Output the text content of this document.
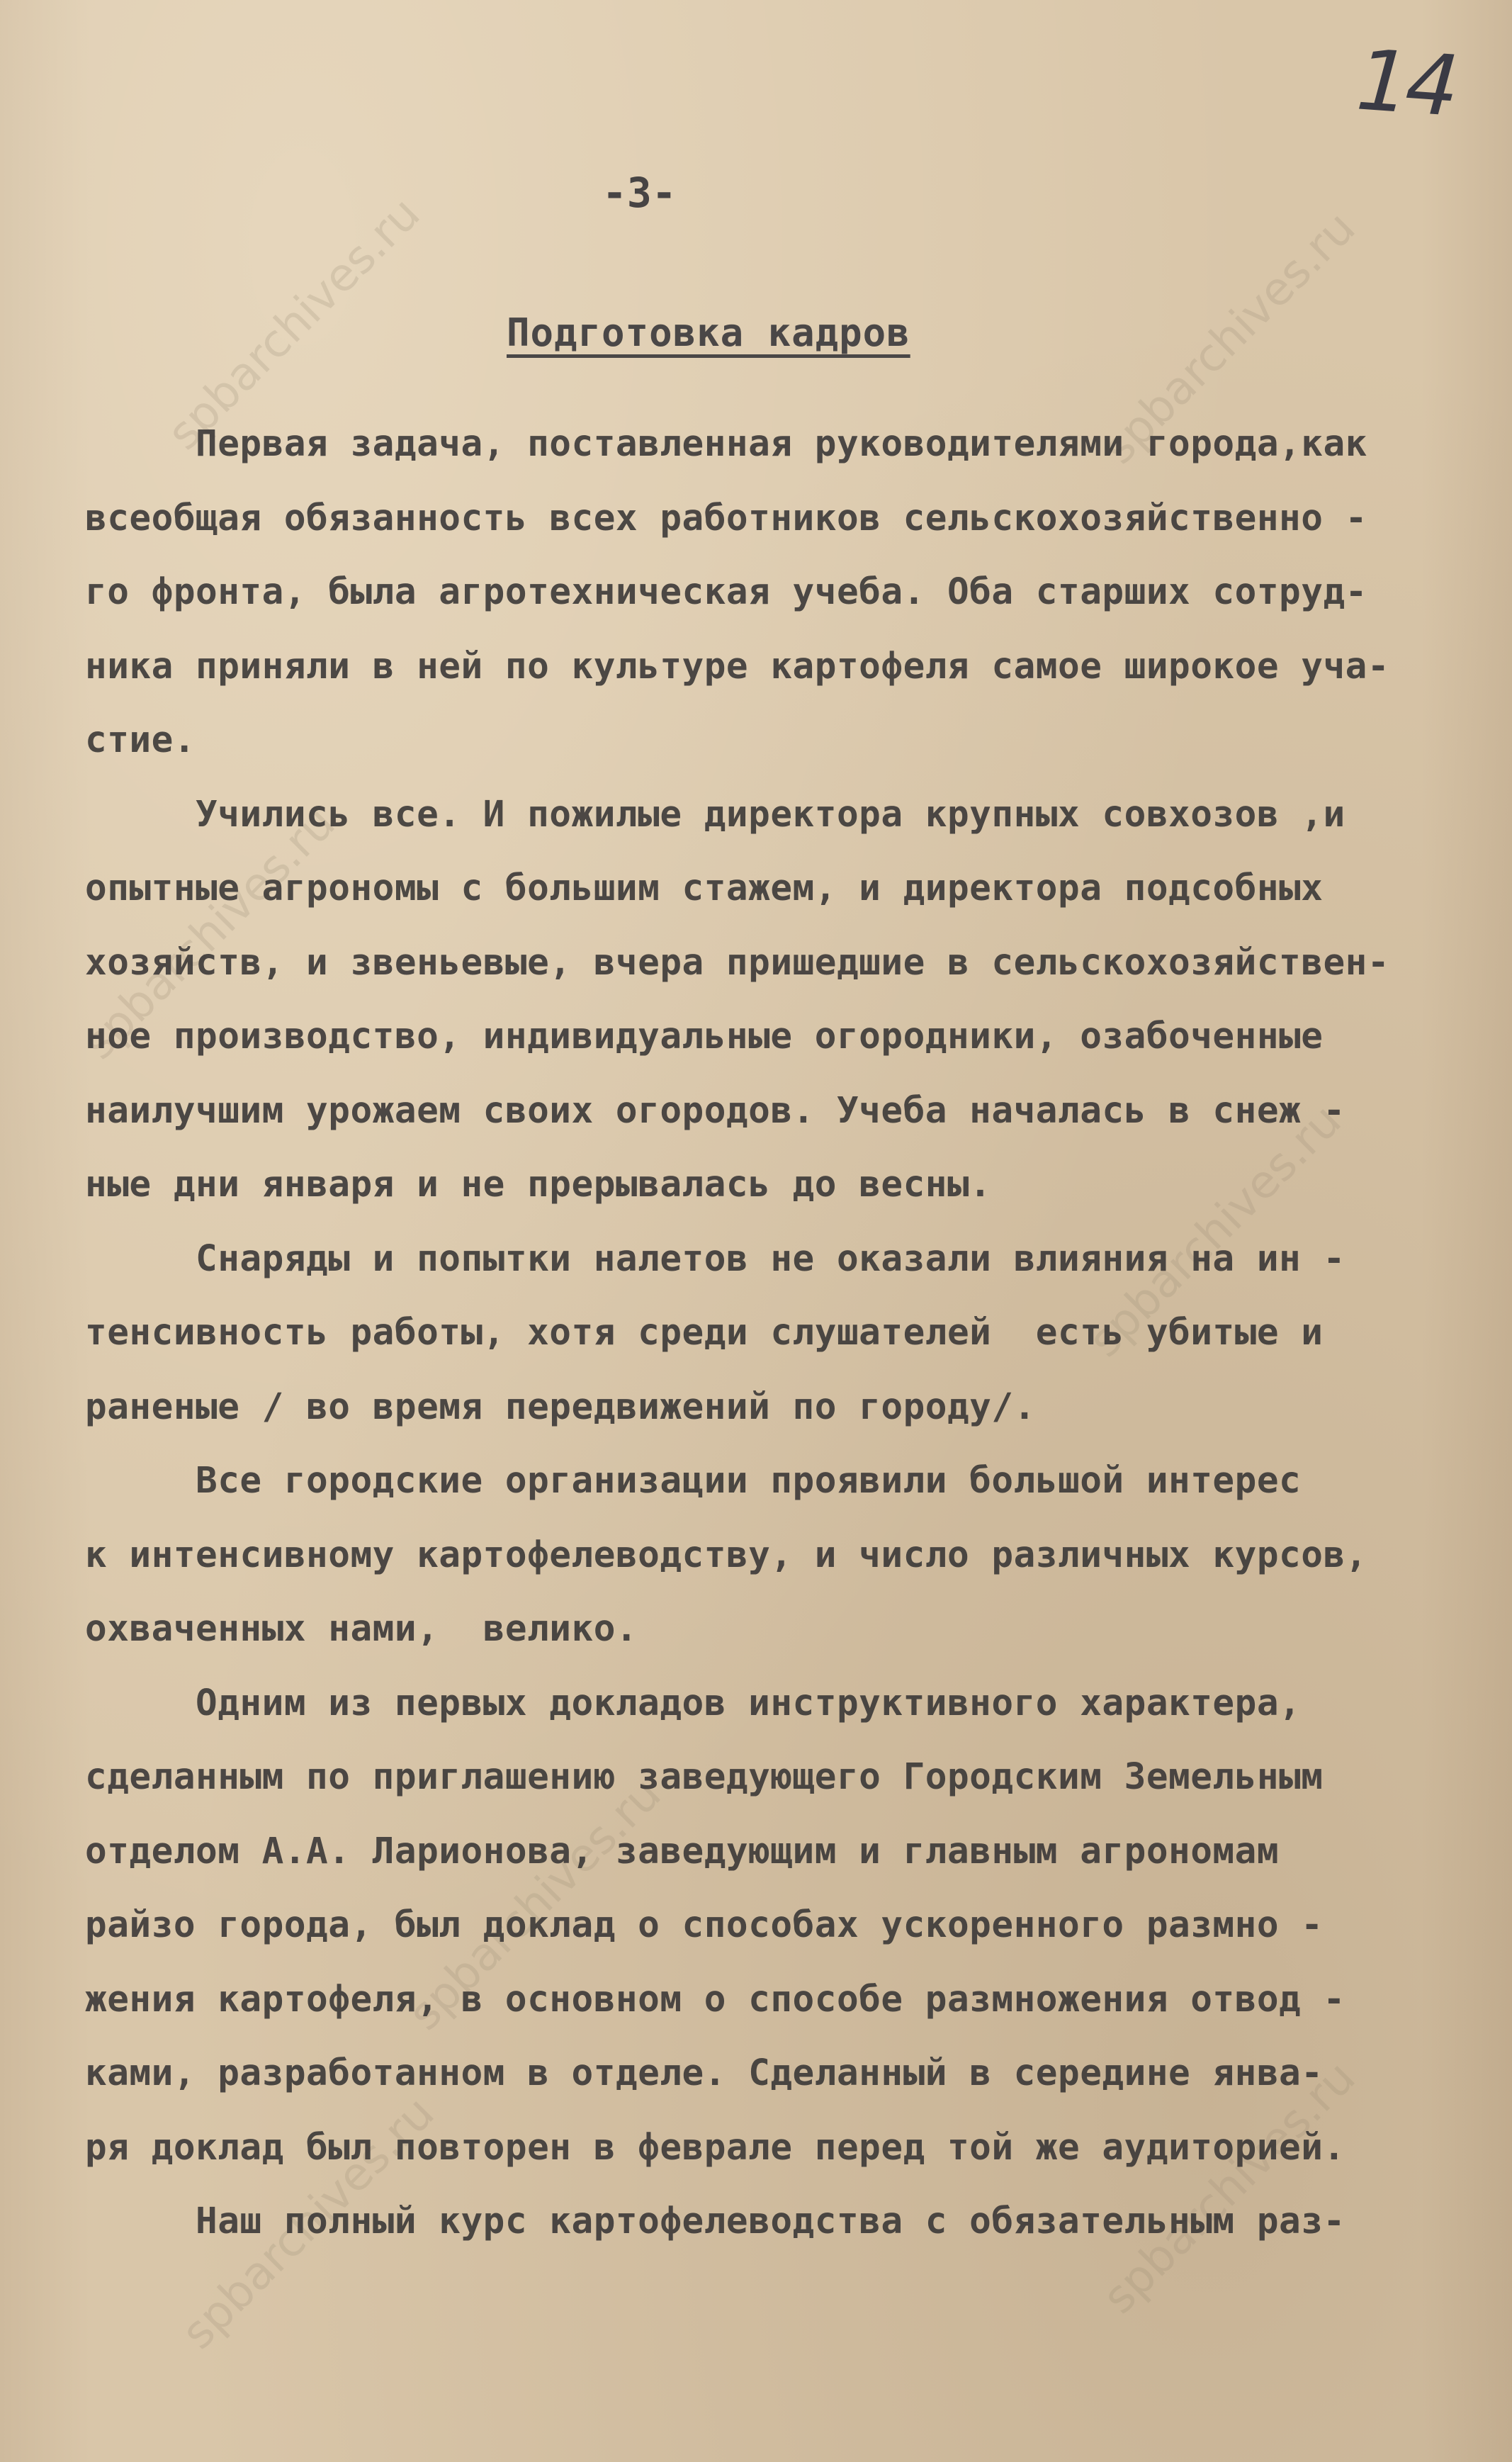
spbarchives.ru	spbarchives.ru
spbarchives.ru
spbarchives.ru
spbarchives.ru
spbarchives.ru	spbarchives.ru
14
-3-
Подготовка кадров
Первая задача, поставленная руководителями города,как
всеобщая обязанность всех работников сельскохозяйственно -
го фронта, была агротехническая учеба. Оба старших сотруд-
ника приняли в ней по культуре картофеля самое широкое уча-
стие.
Учились все. И пожилые директора крупных совхозов ,и
опытные агрономы с большим стажем, и директора подсобных
хозяйств, и звеньевые, вчера пришедшие в сельскохозяйствен-
ное производство, индивидуальные огородники, озабоченные
наилучшим урожаем своих огородов. Учеба началась в снеж -
ные дни января и не прерывалась до весны.
Снаряды и попытки налетов не оказали влияния на ин -
тенсивность работы, хотя среди слушателей  есть убитые и
раненые / во время передвижений по городу/.
Все городские организации проявили большой интерес
к интенсивному картофелеводству, и число различных курсов,
охваченных нами,  велико.
Одним из первых докладов инструктивного характера,
сделанным по приглашению заведующего Городским Земельным
отделом А.А. Ларионова, заведующим и главным агрономам
райзо города, был доклад о способах ускоренного размно -
жения картофеля, в основном о способе размножения отвод -
ками, разработанном в отделе. Сделанный в середине янва-
ря доклад был повторен в феврале перед той же аудиторией.
Наш полный курс картофелеводства с обязательным раз-
